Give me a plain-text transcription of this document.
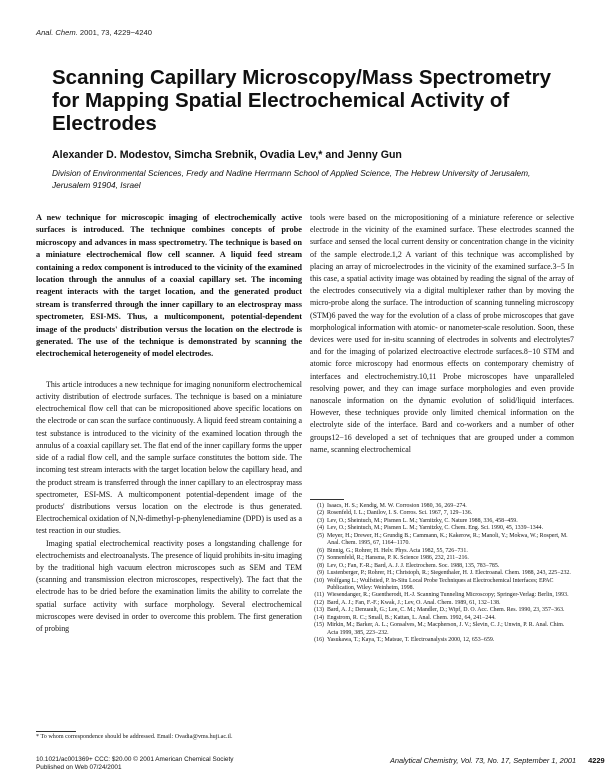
Anal. Chem. 2001, 73, 4229−4240
Scanning Capillary Microscopy/Mass Spectrometry for Mapping Spatial Electrochemical Activity of Electrodes
Alexander D. Modestov, Simcha Srebnik, Ovadia Lev,* and Jenny Gun
Division of Environmental Sciences, Fredy and Nadine Herrmann School of Applied Science, The Hebrew University of Jerusalem, Jerusalem 91904, Israel

A new technique for microscopic imaging of electrochemically active surfaces is introduced. The technique combines concepts of probe microscopy and advances in mass spectrometry. The technique is based on a miniature electrochemical flow cell scanner. A liquid feed stream containing a redox component is introduced to the vicinity of the examined location through the annulus of a coaxial capillary set. The incoming reagent interacts with the target location, and the generated product stream is transferred through the inner capillary to an electrospray mass spectrometer, ESI-MS. Thus, a multicomponent, potential-dependent image of the products' distribution versus the location on the electrode is generated. The use of the technique is demonstrated by scanning the electrochemical heterogeneity of model electrodes.

This article introduces a new technique for imaging nonuniform electrochemical activity distribution of electrode surfaces. The technique is based on a miniature electrochemical flow cell that can be micropositioned above specific locations on the electrode or can scan the surface continuously. A liquid feed stream containing a test substance is introduced to the vicinity of the examined location through the annulus of a coaxial capillary set. The flat end of the inner capillary forms the upper side of a radial flow cell, and the sample surface constitutes the bottom side. The incoming test stream interacts with the target location below the capillary head, and the product stream is transferred through the inner capillary to an electrospray mass spectrometer, ESI-MS. A multicomponent potential-dependent image of the products' distributions versus location on the electrode is thus generated. Electrochemical oxidation of N,N-dimethyl-p-phenylenediamine (DPD) is used as a test reaction in our studies.

Imaging spatial electrochemical reactivity poses a longstanding challenge for electrochemists and electroanalysts. The presence of liquid prohibits in-situ imaging by the traditional high vacuum electron microscopes such as SEM and TEM (scanning and transmission electron microscopes, respectively). The fact that the electrode has to be dried before the examination limits the ability to correlate the spatial surface activity with surface morphology. Several electrochemical microscopes were devised in order to overcome this problem. The first generation of probing

tools were based on the micropositioning of a miniature reference or selective electrode in the vicinity of the examined surface. These electrodes scanned the surface and sensed the local current density or concentration change in the vicinity of the sample electrode.1,2 A variant of this technique was accomplished by placing an array of microelectrodes in the vicinity of the examined surface.3−5 In this case, a spatial activity image was obtained by reading the signal of the array of the electrodes consecutively via a digital multiplexer rather than by moving the micro-probe along the surface. The introduction of scanning tunneling microscopy (STM)6 paved the way for the evolution of a class of probe microscopes that gave morphological information with atomic- or nanometer-scale resolution. Soon, these devices were used for in-situ scanning of electrodes in solvents and electrolytes7 and for the imaging of polarized electroactive electrode surfaces.8−10 STM and atomic force microscopy had enormous effects on contemporary chemistry of interfaces and electrochemistry.10,11 Probe microscopes have unparalleled resolving power, and they can image surface morphologies and even provide nanoscale information on the dynamic evolution of solid/liquid interfaces. However, these techniques provide only limited chemical information on the electrolyte side of the interface. Bard and co-workers and a number of other groups12−16 developed a set of techniques that are grouped under a common name, scanning electrochemical

(1) Isaacs, H. S.; Kendig, M. W. Corrosion 1980, 36, 269−274.
(2) Rosenfeld, I. L.; Danilov, I. S. Corros. Sci. 1967, 7, 129−136.
(3) Lev, O.; Sheintuch, M.; Pismen L. M.; Yarnitzky, C. Nature 1988, 336, 458−459.
(4) Lev, O.; Sheintuch, M.; Pismen L. M.; Yarnitzky, C. Chem. Eng. Sci. 1990, 45, 1339−1344.
(5) Meyer, H.; Drewer, H.; Grundig B.; Cammann, K.; Kakerow, R.; Manoli, Y.; Mokwa, W.; Rospert, M. Anal. Chem. 1995, 67, 1164−1170.
(6) Binnig, G.; Rohrer, H. Helv. Phys. Acta 1982, 55, 726−731.
(7) Sonnenfeld, R.; Hansma, P. K. Science 1986, 232, 211−216.
(8) Lev, O.; Fan, F.-R.; Bard, A. J. J. Electrochem. Soc. 1988, 135, 783−785.
(9) Lustenberger, P.; Rohrer, H.; Christoph, R.; Siegenthaler, H. J. Electroanal. Chem. 1988, 243, 225−232.
(10) Wolfgang L.; Wulfstied, P. In-Situ Local Probe Techniques at Electrochemical Interfaces; EPAC Publication, Wiley: Weinheim, 1998.
(11) Wiesendanger, R.; Guentherodt, H.-J. Scanning Tunneling Microscopy; Springer-Verlag: Berlin, 1993.
(12) Bard, A. J.; Fan, F.-F.; Kwak, J.; Lev, O. Anal. Chem. 1989, 61, 132−138.
(13) Bard, A. J.; Denuault, G.; Lee, C. M.; Mandler, D.; Wipf, D. O. Acc. Chem. Res. 1990, 23, 357−363.
(14) Engstrom, R. C.; Small, B.; Kattan, L. Anal. Chem. 1992, 64, 241−244.
(15) Mirkin, M.; Barker, A. L.; Gonsalves, M.; Macpherson, J. V.; Slevin, C. J.; Unwin, P. R. Anal. Chim. Acta 1999, 385, 223−232.
(16) Yasukawa, T.; Kaya, T.; Matsue, T. Electroanalysis 2000, 12, 653−659.
* To whom correspondence should be addressed. Email: Ovadia@vms.huji.ac.il.
10.1021/ac001369+ CCC: $20.00 © 2001 American Chemical Society
Published on Web 07/24/2001
Analytical Chemistry, Vol. 73, No. 17, September 1, 2001 4229
